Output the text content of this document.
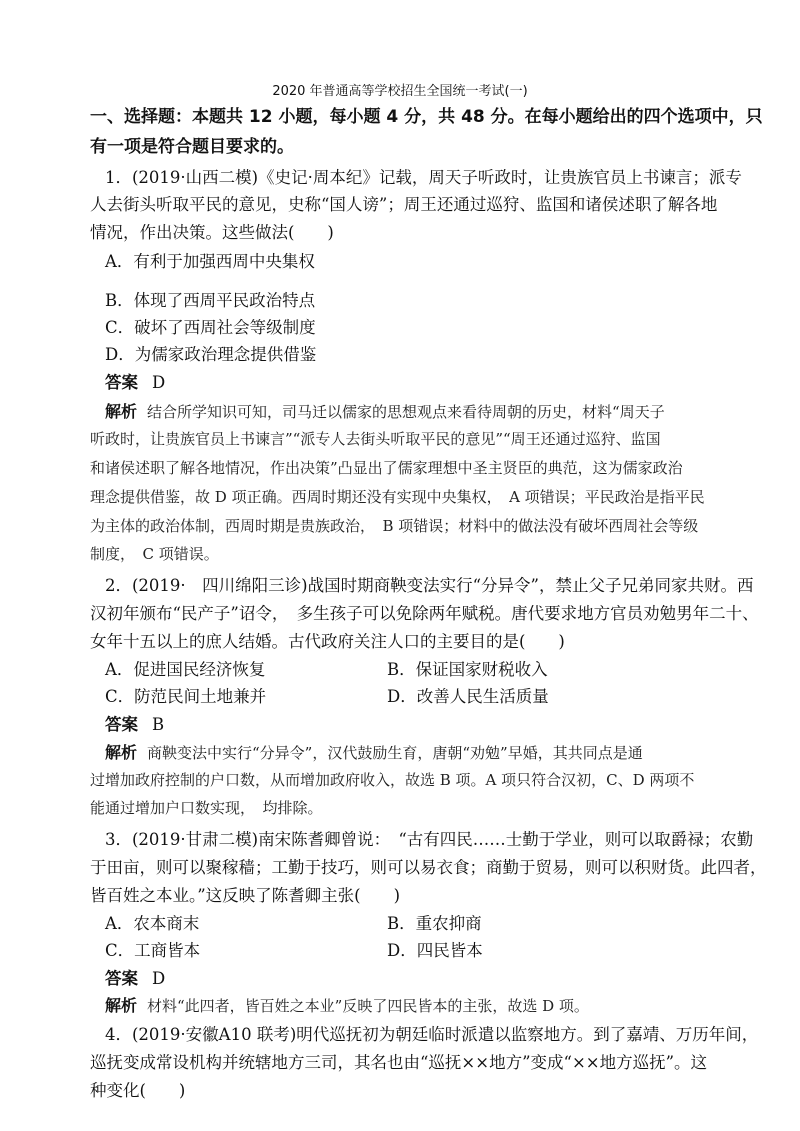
2020 年普通高等学校招生全国统一考试(一)
一、选择题：本题共 12 小题，每小题 4 分，共 48 分。在每小题给出的四个选项中，只
有一项是符合题目要求的。
1．(2019·山西二模)《史记·周本纪》记载，周天子听政时，让贵族官员上书谏言；派专
人去街头听取平民的意见，史称“国人谤”；周王还通过巡狩、监国和诸侯述职了解各地
情况，作出决策。这些做法(　　)
A．有利于加强西周中央集权
B．体现了西周平民政治特点
C．破坏了西周社会等级制度
D．为儒家政治理念提供借鉴
答案 D
解析 结合所学知识可知，司马迁以儒家的思想观点来看待周朝的历史，材料“周天子
听政时，让贵族官员上书谏言”“派专人去街头听取平民的意见”“周王还通过巡狩、监国
和诸侯述职了解各地情况，作出决策”凸显出了儒家理想中圣主贤臣的典范，这为儒家政治
理念提供借鉴，故 D 项正确。西周时期还没有实现中央集权，　A 项错误；平民政治是指平民
为主体的政治体制，西周时期是贵族政治，　B 项错误；材料中的做法没有破坏西周社会等级
制度，　C 项错误。
2．(2019·　四川绵阳三诊)战国时期商鞅变法实行“分异令”，禁止父子兄弟同家共财。西
汉初年颁布“民产子”诏令，　多生孩子可以免除两年赋税。唐代要求地方官员劝勉男年二十、
女年十五以上的庶人结婚。古代政府关注人口的主要目的是(　　)
A．促进国民经济恢复	B．保证国家财税收入
C．防范民间土地兼并	D．改善人民生活质量
答案 B
解析 商鞅变法中实行“分异令”，汉代鼓励生育，唐朝“劝勉”早婚，其共同点是通
过增加政府控制的户口数，从而增加政府收入，故选 B 项。A 项只符合汉初，C、D 两项不
能通过增加户口数实现，　均排除。
3．(2019·甘肃二模)南宋陈耆卿曾说：　“古有四民……士勤于学业，则可以取爵禄；农勤
于田亩，则可以聚稼穑；工勤于技巧，则可以易衣食；商勤于贸易，则可以积财货。此四者，
皆百姓之本业。”这反映了陈耆卿主张(　　)
A．农本商末	B．重农抑商
C．工商皆本	D．四民皆本
答案 D
解析 材料“此四者，皆百姓之本业”反映了四民皆本的主张，故选 D 项。
4．(2019·安徽A10 联考)明代巡抚初为朝廷临时派遣以监察地方。到了嘉靖、万历年间，
巡抚变成常设机构并统辖地方三司，其名也由“巡抚××地方”变成“××地方巡抚”。这
种变化(　　)
